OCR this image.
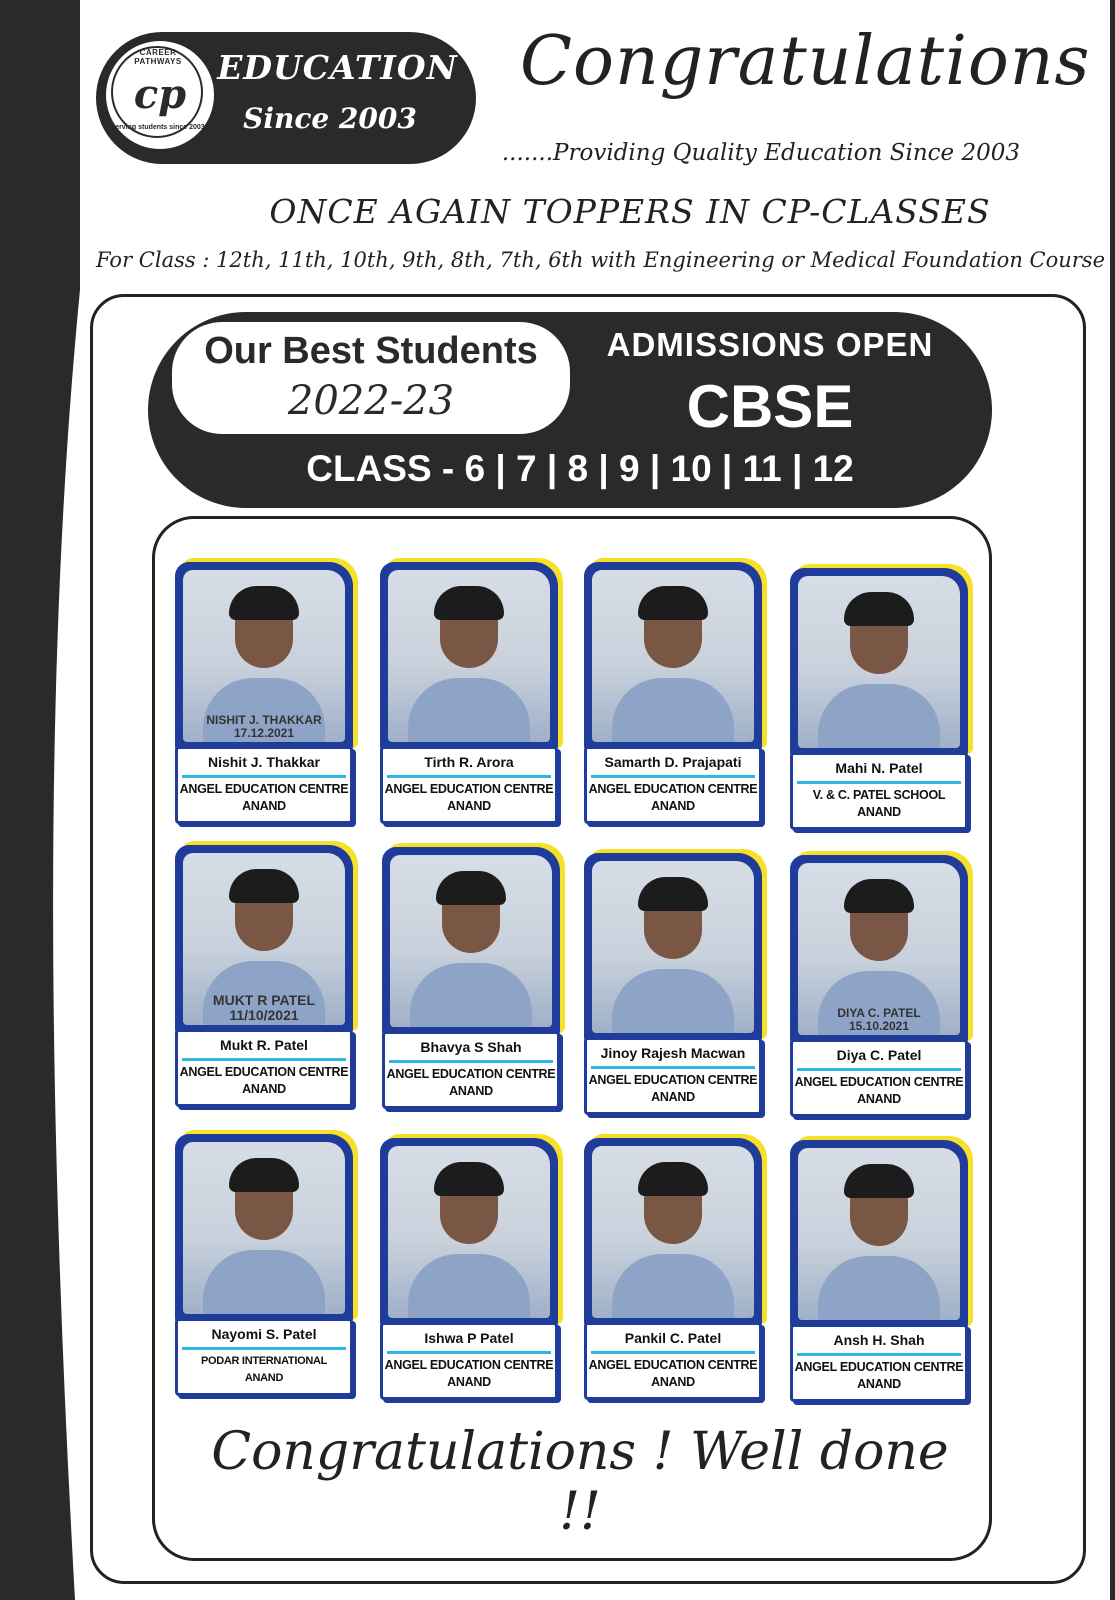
CAREER PATHWAYS
cp
serving students since 2003
EDUCATION
Since 2003
Congratulations
.......Providing Quality Education Since 2003
ONCE AGAIN TOPPERS IN CP-CLASSES
For Class : 12th, 11th, 10th, 9th, 8th, 7th, 6th with Engineering or Medical Foundation Course
Our Best Students
2022-23
ADMISSIONS OPEN
CBSE
CLASS - 6 | 7 | 8 | 9 | 10 | 11 | 12
NISHIT J. THAKKAR
17.12.2021
Nishit J. Thakkar
ANGEL EDUCATION CENTRE
ANAND
Tirth R. Arora
ANGEL EDUCATION CENTRE
ANAND
Samarth D. Prajapati
ANGEL EDUCATION CENTRE
ANAND
Mahi N. Patel
V. & C. PATEL SCHOOL
ANAND
MUKT R PATEL
11/10/2021
Mukt R. Patel
ANGEL EDUCATION CENTRE
ANAND
Bhavya S Shah
ANGEL EDUCATION CENTRE
ANAND
Jinoy Rajesh Macwan
ANGEL EDUCATION CENTRE
ANAND
DIYA C. PATEL
15.10.2021
Diya C. Patel
ANGEL EDUCATION CENTRE
ANAND
Nayomi S. Patel
PODAR INTERNATIONAL
ANAND
Ishwa P Patel
ANGEL EDUCATION CENTRE
ANAND
Pankil C. Patel
ANGEL EDUCATION CENTRE
ANAND
Ansh H. Shah
ANGEL EDUCATION CENTRE
ANAND
Congratulations ! Well done !!
